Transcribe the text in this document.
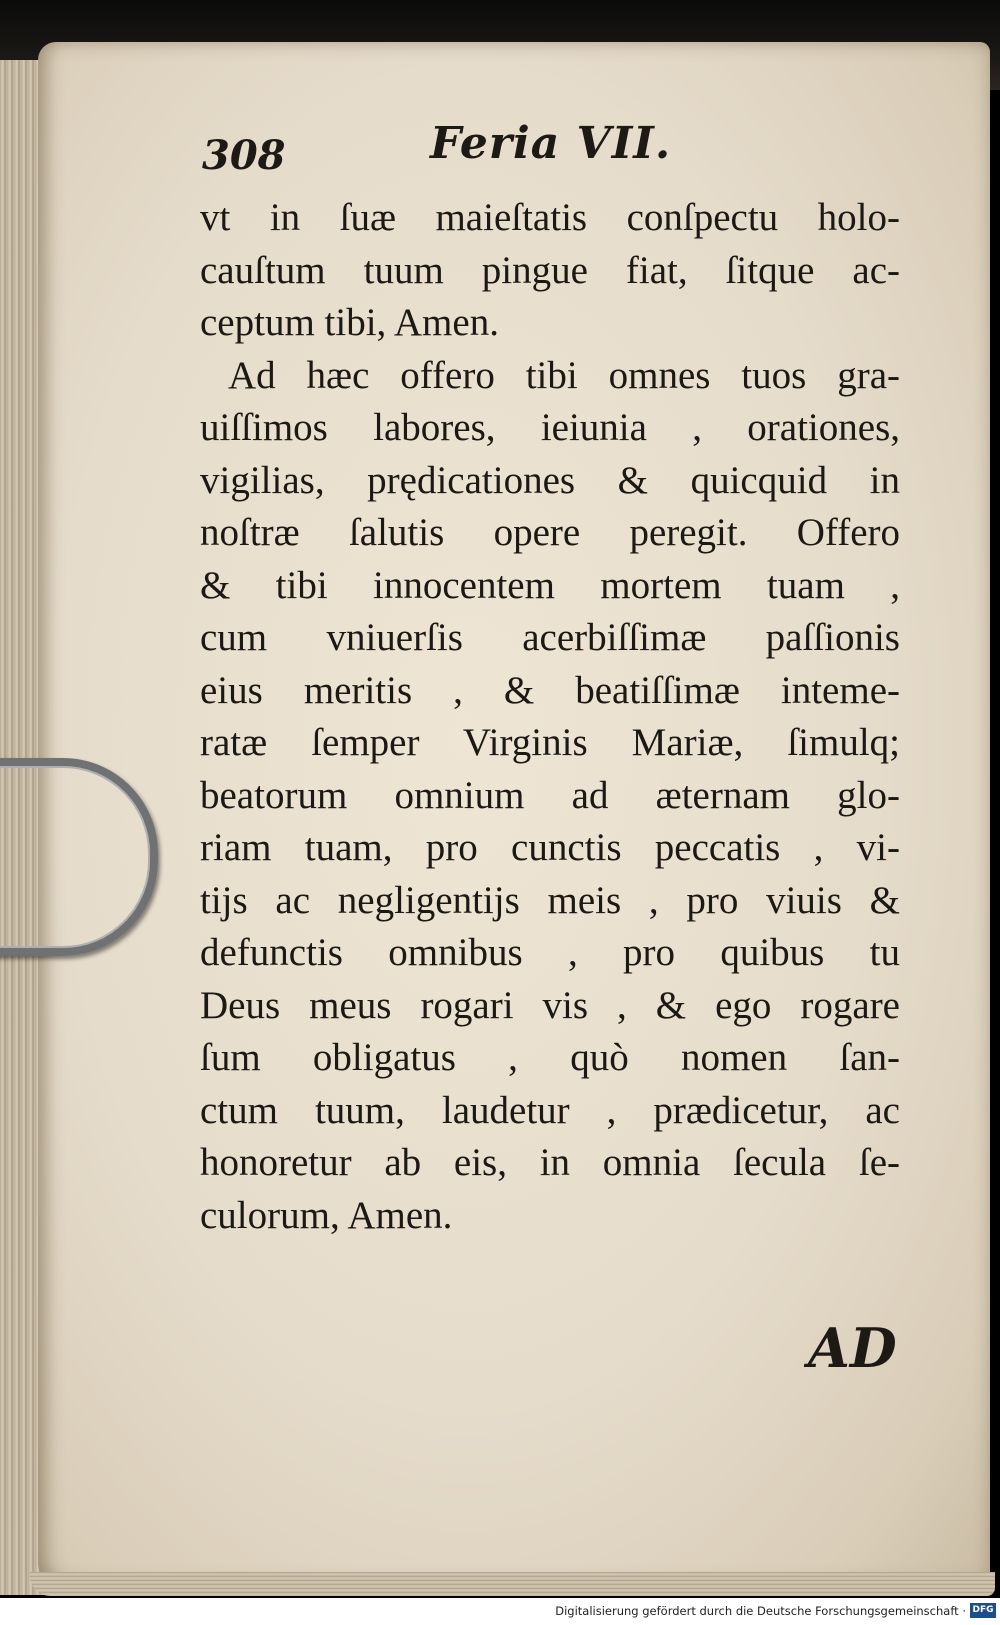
308	Feria VII.
vt in ſuæ maieſtatis conſpectu holo-
cauſtum tuum pingue fiat, ſitque ac-
ceptum tibi, Amen.
Ad hæc offero tibi omnes tuos gra-
uiſſimos labores, ieiunia , orationes,
vigilias, prędicationes & quicquid in
noſtræ ſalutis opere peregit. Offero
& tibi innocentem mortem tuam ,
cum vniuerſis acerbiſſimæ paſſionis
eius meritis , & beatiſſimæ inteme-
ratæ ſemper Virginis Mariæ, ſimulq;
beatorum omnium ad æternam glo-
riam tuam, pro cunctis peccatis , vi-
tijs ac negligentijs meis , pro viuis &
defunctis omnibus , pro quibus tu
Deus meus rogari vis , & ego rogare
ſum obligatus , quò nomen ſan-
ctum tuum, laudetur , prædicetur, ac
honoretur ab eis, in omnia ſecula ſe-
culorum, Amen.
AD
Digitalisierung gefördert durch die Deutsche Forschungsgemeinschaft · DFG
